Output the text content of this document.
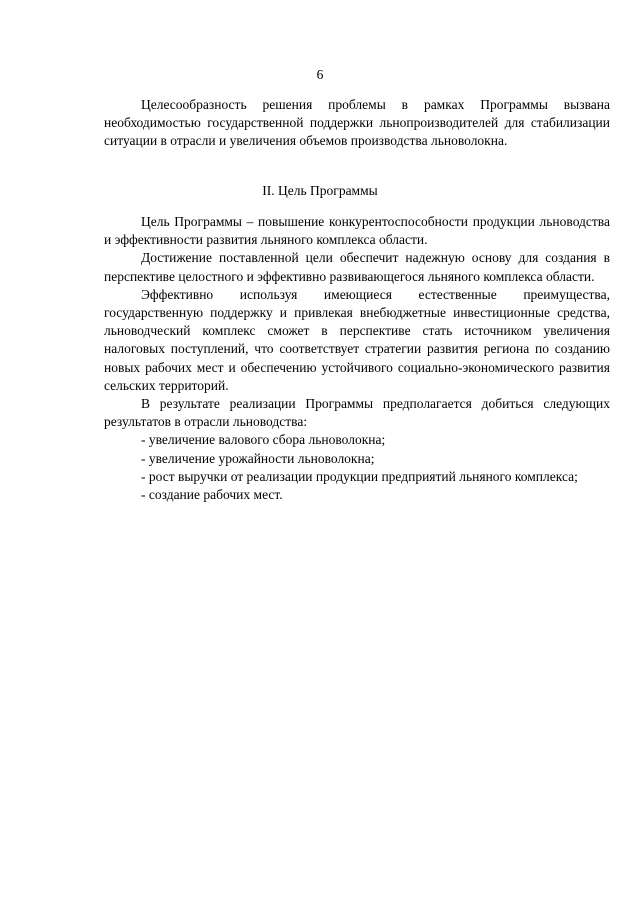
6

Целесообразность решения проблемы в рамках Программы вызвана необходимостью государственной поддержки льнопроизводителей для стабилизации ситуации в отрасли и увеличения объемов производства льноволокна.

II. Цель Программы

Цель Программы – повышение конкурентоспособности продукции льноводства и эффективности развития льняного комплекса области.

Достижение поставленной цели обеспечит надежную основу для создания в перспективе целостного и эффективно развивающегося льняного комплекса области.

Эффективно используя имеющиеся естественные преимущества, государственную поддержку и привлекая внебюджетные инвестиционные средства, льноводческий комплекс сможет в перспективе стать источником увеличения налоговых поступлений, что соответствует стратегии развития региона по созданию новых рабочих мест и обеспечению устойчивого социально-экономического развития сельских территорий.

В результате реализации Программы предполагается добиться следующих результатов в отрасли льноводства:

- увеличение валового сбора льноволокна;
- увеличение урожайности льноволокна;
- рост выручки от реализации продукции предприятий льняного комплекса;
- создание рабочих мест.
